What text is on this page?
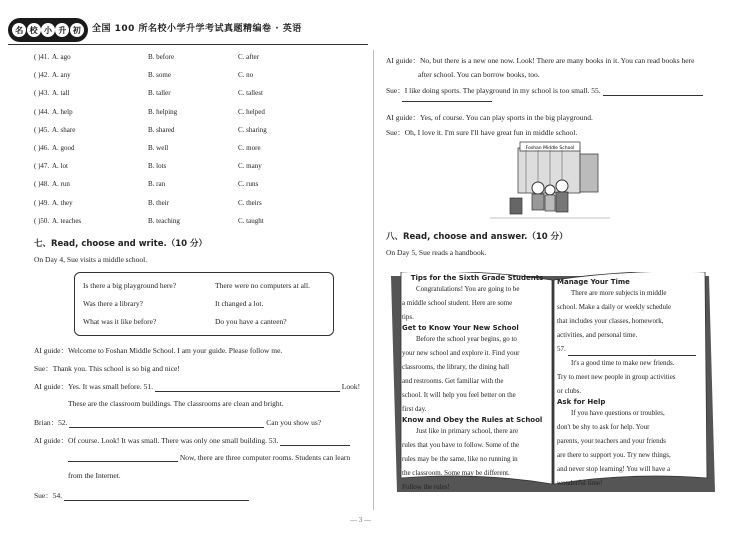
名 校 小 升 初	全国 100 所名校小学升学考试真题精编卷 · 英语
( )41. A. ago	B. before	C. after
( )42. A. any	B. some	C. no
( )43. A. tall	B. taller	C. tallest
( )44. A. help	B. helping	C. helped
( )45. A. share	B. shared	C. sharing
( )46. A. good	B. well	C. more
( )47. A. lot	B. lots	C. many
( )48. A. run	B. ran	C. runs
( )49. A. they	B. their	C. theirs
( )50. A. teaches	B. teaching	C. taught
七、Read, choose and write.（10 分）
On Day 4, Sue visits a middle school.
Is there a big playground here?
Was there a library?
What was it like before?
There were no computers at all.
It changed a lot.
Do you have a canteen?
AI guide：Welcome to Foshan Middle School. I am your guide. Please follow me.
Sue：Thank you. This school is so big and nice!
AI guide：Yes. It was small before. 51.	Look!
These are the classroom buildings. The classrooms are clean and bright.
Brian：52.	Can you show us?
AI guide：Of course. Look! It was small. There was only one small building. 53.
Now, there are three computer rooms. Students can learn
from the Internet.
Sue：54.
AI guide：No, but there is a new one now. Look! There are many books in it. You can read books here
after school. You can borrow books, too.
Sue：I like doing sports. The playground in my school is too small. 55.
AI guide：Yes, of course. You can play sports in the big playground.
Sue：Oh, I love it. I'm sure I'll have great fun in middle school.
Foshan Middle School
八、Read, choose and answer.（10 分）
On Day 5, Sue reads a handbook.
Tips for the Sixth Grade Students
Congratulations! You are going to be
a middle school student. Here are some
tips.
Get to Know Your New School
Before the school year begins, go to
your new school and explore it. Find your
classrooms, the library, the dining hall
and restrooms. Get familiar with the
school. It will help you feel better on the
first day.
Know and Obey the Rules at School
Just like in primary school, there are
rules that you have to follow. Some of the
rules may be the same, like no running in
the classroom. Some may be different.
Follow the rules!
Manage Your Time
There are more subjects in middle
school. Make a daily or weekly schedule
that includes your classes, homework,
activities, and personal time.
57.
It's a good time to make new friends.
Try to meet new people in group activities
or clubs.
Ask for Help
If you have questions or troubles,
don't be shy to ask for help. Your
parents, your teachers and your friends
are there to support you. Try new things,
and never stop learning! You will have a
wonderful time!
— 3 —
